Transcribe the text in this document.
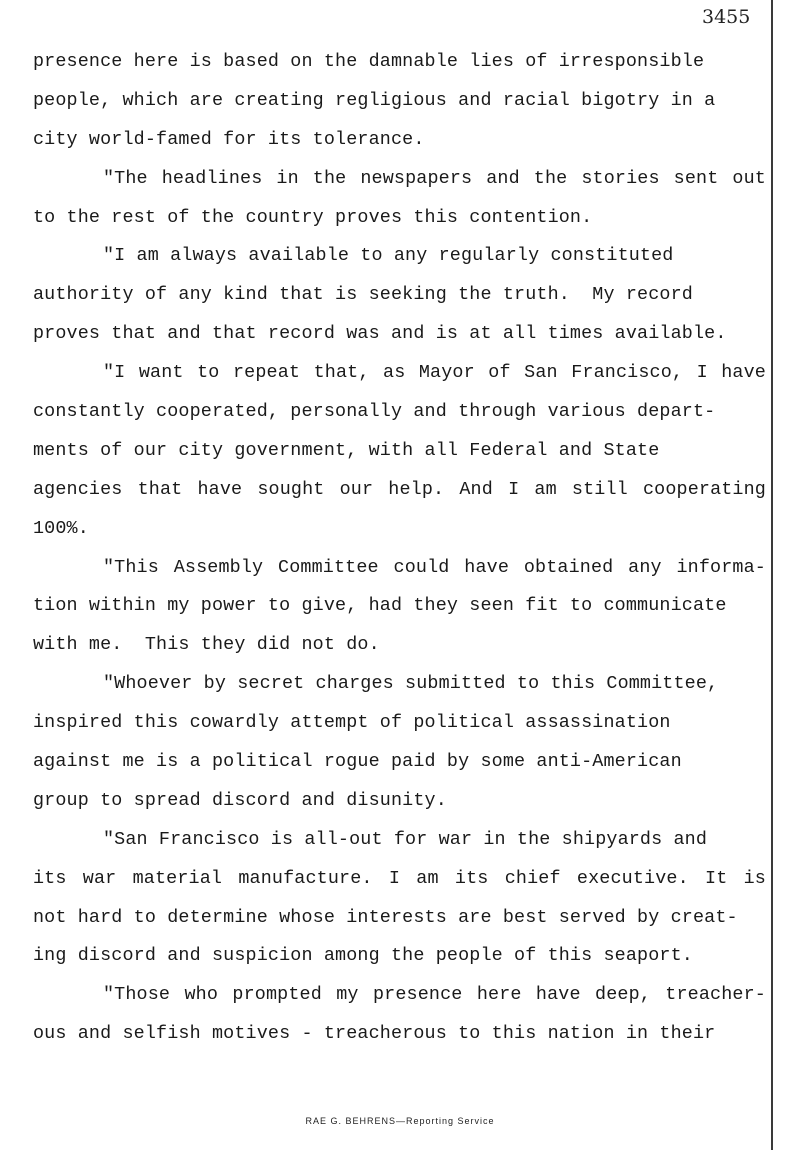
3455
presence here is based on the damnable lies of irresponsible
people, which are creating regligious and racial bigotry in a
city world-famed for its tolerance.
"The headlines in the newspapers and the stories sent out
to the rest of the country proves this contention.
"I am always available to any regularly constituted
authority of any kind that is seeking the truth.  My record
proves that and that record was and is at all times available.
"I want to repeat that, as Mayor of San Francisco, I have
constantly cooperated, personally and through various depart-
ments of our city government, with all Federal and State
agencies that have sought our help. And I am still cooperating
100%.
"This Assembly Committee could have obtained any informa-
tion within my power to give, had they seen fit to communicate
with me.  This they did not do.
"Whoever by secret charges submitted to this Committee,
inspired this cowardly attempt of political assassination
against me is a political rogue paid by some anti-American
group to spread discord and disunity.
"San Francisco is all-out for war in the shipyards and
its war material manufacture. I am its chief executive. It is
not hard to determine whose interests are best served by creat-
ing discord and suspicion among the people of this seaport.
"Those who prompted my presence here have deep, treacher-
ous and selfish motives - treacherous to this nation in their
RAE G. BEHRENS—Reporting Service
